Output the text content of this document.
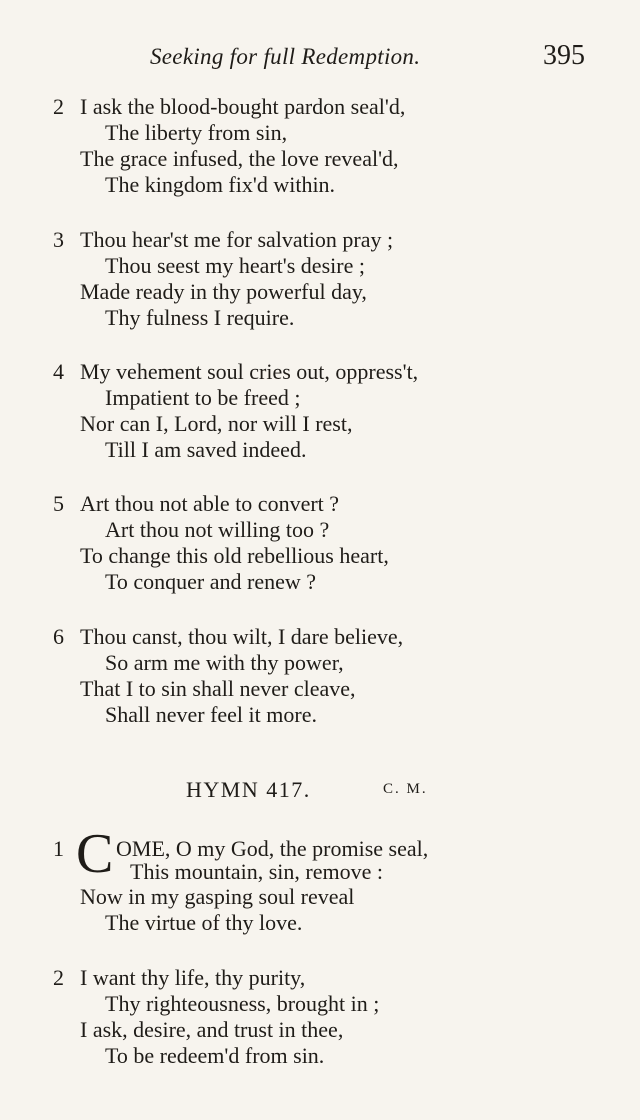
Seeking for full Redemption.	395
2 I ask the blood-bought pardon seal'd,
The liberty from sin,
The grace infused, the love reveal'd,
The kingdom fix'd within.
3 Thou hear'st me for salvation pray ;
Thou seest my heart's desire ;
Made ready in thy powerful day,
Thy fulness I require.
4 My vehement soul cries out, oppress't,
Impatient to be freed ;
Nor can I, Lord, nor will I rest,
Till I am saved indeed.
5 Art thou not able to convert ?
Art thou not willing too ?
To change this old rebellious heart,
To conquer and renew ?
6 Thou canst, thou wilt, I dare believe,
So arm me with thy power,
That I to sin shall never cleave,
Shall never feel it more.
HYMN 417.	C. M.
1 C OME, O my God, the promise seal,
This mountain, sin, remove :
Now in my gasping soul reveal
The virtue of thy love.
2 I want thy life, thy purity,
Thy righteousness, brought in ;
I ask, desire, and trust in thee,
To be redeem'd from sin.
